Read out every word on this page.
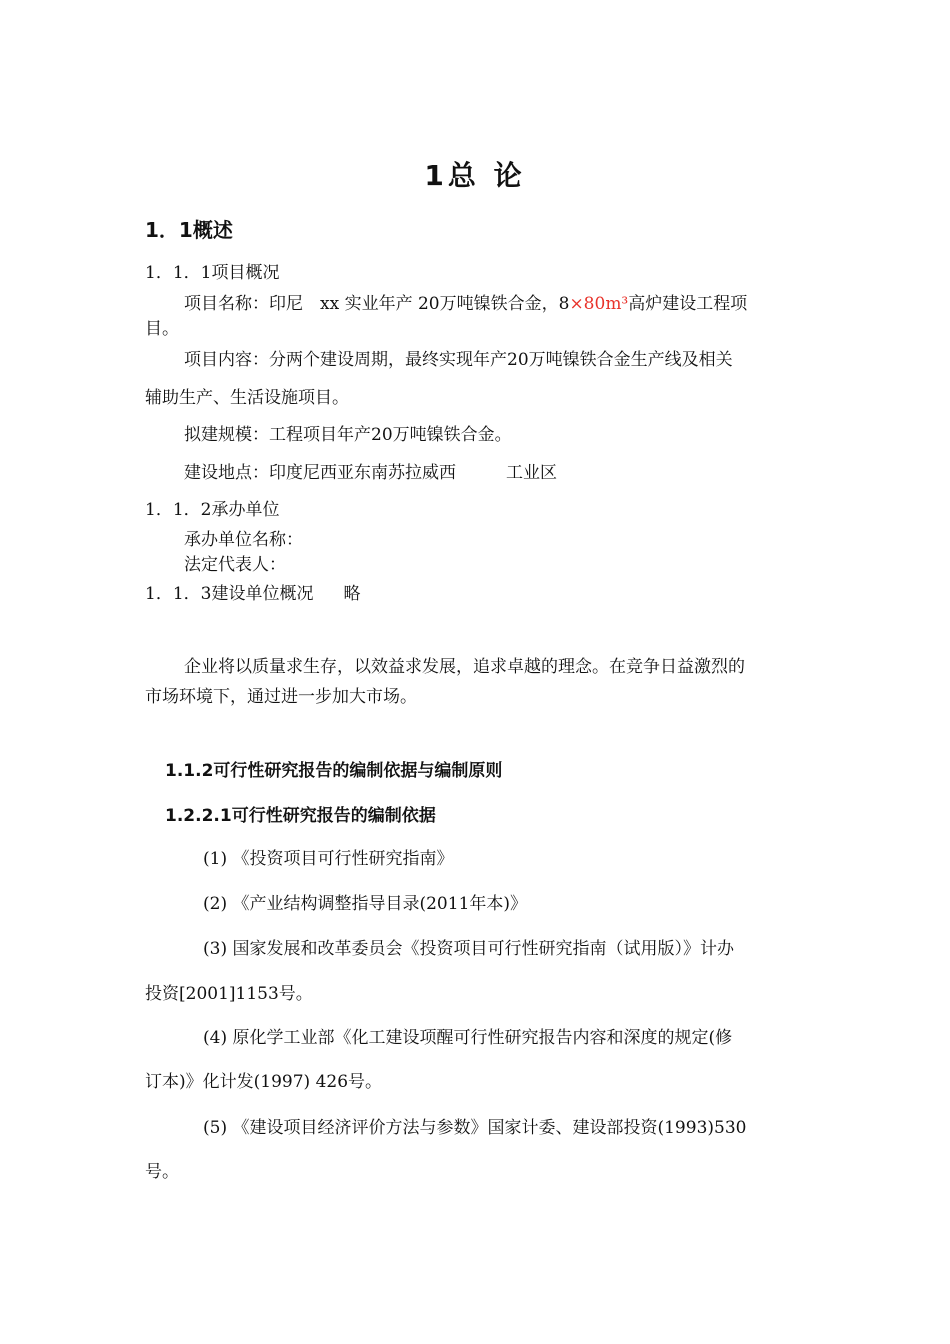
1总 论
1．1概述
1．1．1项目概况
项目名称：印尼　xx 实业年产 20万吨镍铁合金，8×80m³高炉建设工程项
目。
项目内容：分两个建设周期，最终实现年产20万吨镍铁合金生产线及相关
辅助生产、生活设施项目。
拟建规模：工程项目年产20万吨镍铁合金。
建设地点：印度尼西亚东南苏拉威西	工业区
1．1．2承办单位
承办单位名称：
法定代表人：
1．1．3建设单位概况 略
企业将以质量求生存，以效益求发展，追求卓越的理念。在竞争日益激烈的
市场环境下，通过进一步加大市场。
1.1.2可行性研究报告的编制依据与编制原则
1.2.2.1可行性研究报告的编制依据
(1) 《投资项目可行性研究指南》
(2) 《产业结构调整指导目录(2011年本)》
(3) 国家发展和改革委员会《投资项目可行性研究指南（试用版）》计办
投资[2001]1153号。
(4) 原化学工业部《化工建设项醒可行性研究报告内容和深度的规定(修
订本)》化计发(1997) 426号。
(5) 《建设项目经济评价方法与参数》国家计委、建设部投资(1993)530
号。
